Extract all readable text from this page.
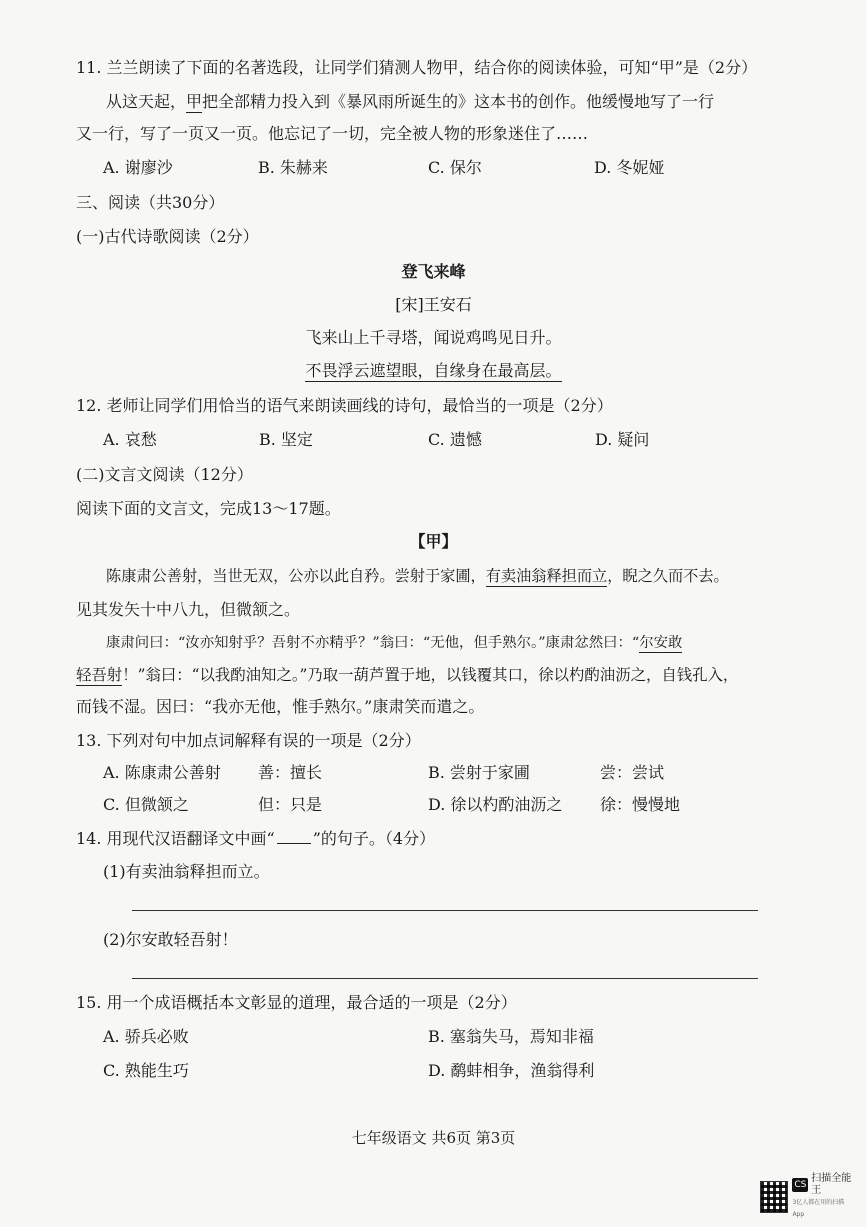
11. 兰兰朗读了下面的名著选段，让同学们猜测人物甲，结合你的阅读体验，可知“甲”是（2分）
从这天起，甲把全部精力投入到《暴风雨所诞生的》这本书的创作。他缓慢地写了一行
又一行，写了一页又一页。他忘记了一切，完全被人物的形象迷住了……
A. 谢廖沙	B. 朱赫来	C. 保尔	D. 冬妮娅
三、阅读（共30分）
(一)古代诗歌阅读（2分）
登飞来峰
[宋]王安石
飞来山上千寻塔，闻说鸡鸣见日升。
不畏浮云遮望眼，自缘身在最高层。
12. 老师让同学们用恰当的语气来朗读画线的诗句，最恰当的一项是（2分）
A. 哀愁	B. 坚定	C. 遗憾	D. 疑问
(二)文言文阅读（12分）
阅读下面的文言文，完成13～17题。
【甲】
陈康肃公善射，当世无双，公亦以此自矜。尝射于家圃，有卖油翁释担而立，睨之久而不去。
见其发矢十中八九，但微颔之。
康肃问曰：“汝亦知射乎？吾射不亦精乎？”翁曰：“无他，但手熟尔。”康肃忿然曰：“尔安敢
轻吾射！”翁曰：“以我酌油知之。”乃取一葫芦置于地，以钱覆其口，徐以杓酌油沥之，自钱孔入，
而钱不湿。因曰：“我亦无他，惟手熟尔。”康肃笑而遣之。
13. 下列对句中加点词解释有误的一项是（2分）
A. 陈康肃公善射 善：擅长	B. 尝射于家圃	尝：尝试
C. 但微颔之	但：只是	D. 徐以杓酌油沥之 徐：慢慢地
14. 用现代汉语翻译文中画“ ”的句子。（4分）
(1)有卖油翁释担而立。
(2)尔安敢轻吾射！
15. 用一个成语概括本文彰显的道理，最合适的一项是（2分）
A. 骄兵必败	B. 塞翁失马，焉知非福
C. 熟能生巧	D. 鹬蚌相争，渔翁得利
七年级语文 共6页 第3页
CS
扫描全能王
3亿人都在用的扫描App
